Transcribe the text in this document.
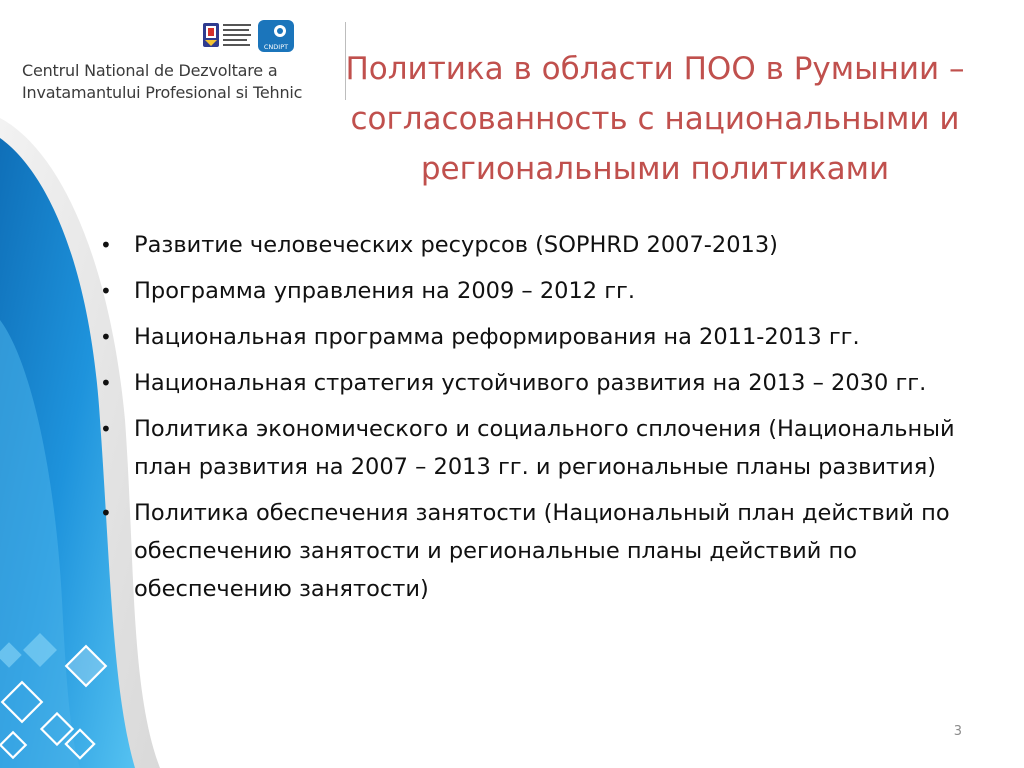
CNDIPT
Centrul National de Dezvoltare a
Invatamantului Profesional si Tehnic
Политика в области ПОО в Румынии –
согласованность с национальными и
региональными политиками
• Развитие человеческих ресурсов (SOPHRD 2007-2013)
• Программа управления на 2009 – 2012 гг.
• Национальная программа реформирования на 2011-2013 гг.
• Национальная стратегия устойчивого развития на 2013 – 2030 гг.
• Политика экономического и социального сплочения (Национальный план развития на 2007 – 2013 гг. и региональные планы развития)
• Политика обеспечения занятости (Национальный план действий по обеспечению занятости и региональные планы действий по обеспечению занятости)
3
